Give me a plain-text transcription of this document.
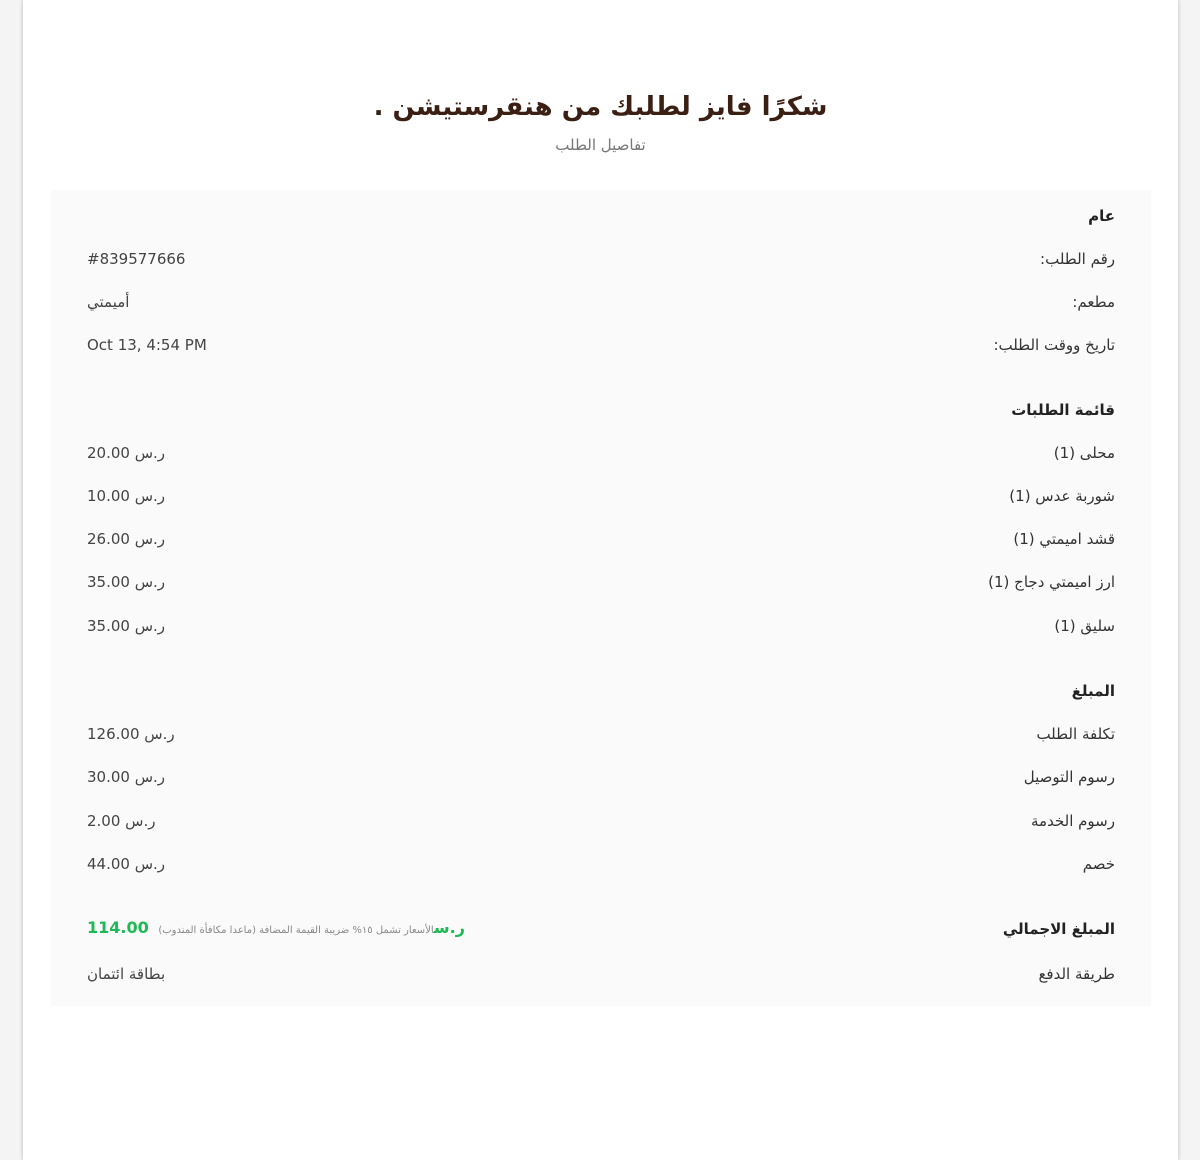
شكرًا فايز لطلبك من هنقرستيشن .
تفاصيل الطلب
عام
رقم الطلب:
#839577666
مطعم:
أميمتي
تاريخ ووقت الطلب:
Oct 13, 4:54 PM
قائمة الطلبات
محلى (1)
20.00 ر.س
شوربة عدس (1)
10.00 ر.س
قشد اميمتي (1)
26.00 ر.س
ارز اميمتي دجاج (1)
35.00 ر.س
سليق (1)
35.00 ر.س
المبلغ
تكلفة الطلب
126.00 ر.س
رسوم التوصيل
30.00 ر.س
رسوم الخدمة
2.00 ر.س
خصم
44.00 ر.س
المبلغ الاجمالي
114.00 ر.سالأسعار تشمل ١٥% ضريبة القيمة المضافة (ماعدا مكافأة المندوب)
طريقة الدفع
بطاقة ائتمان
